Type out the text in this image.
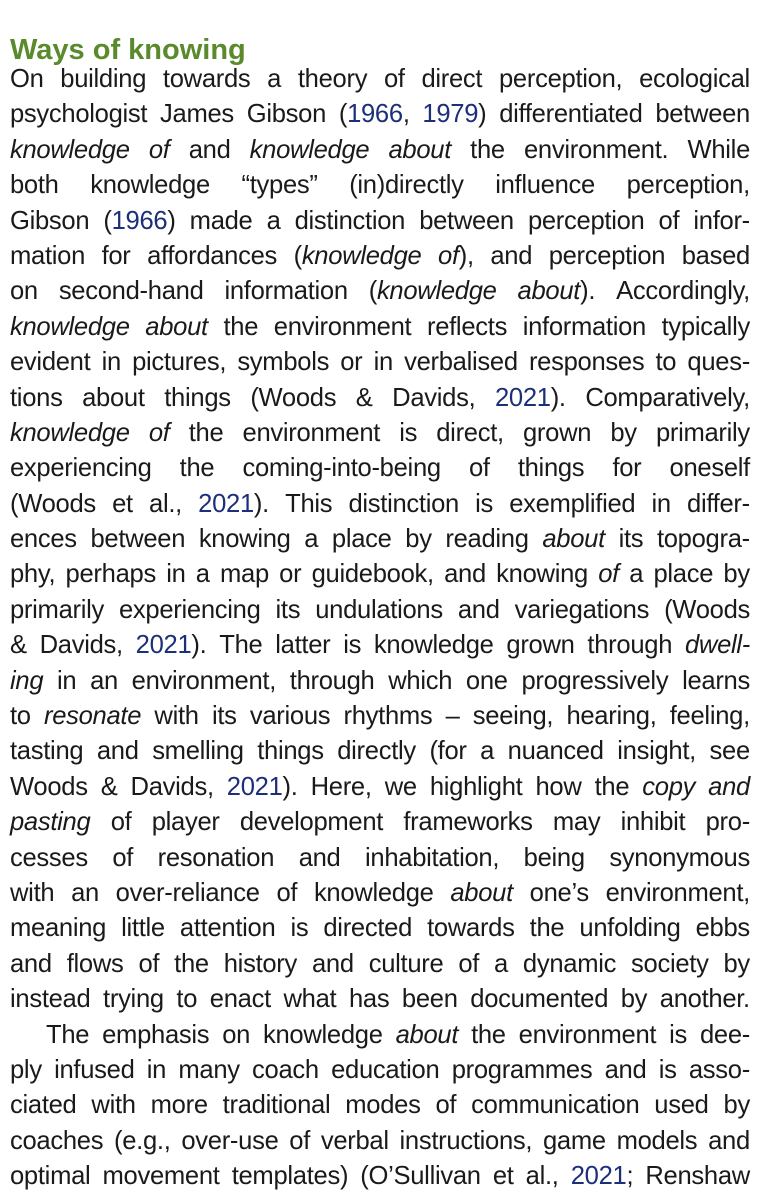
Ways of knowing
On building towards a theory of direct perception, ecological
psychologist James Gibson (1966, 1979) differentiated between
knowledge of and knowledge about the environment. While
both knowledge “types” (in)directly influence perception,
Gibson (1966) made a distinction between perception of infor-
mation for affordances (knowledge of), and perception based
on second-hand information (knowledge about). Accordingly,
knowledge about the environment reflects information typically
evident in pictures, symbols or in verbalised responses to ques-
tions about things (Woods & Davids, 2021). Comparatively,
knowledge of the environment is direct, grown by primarily
experiencing the coming-into-being of things for oneself
(Woods et al., 2021). This distinction is exemplified in differ-
ences between knowing a place by reading about its topogra-
phy, perhaps in a map or guidebook, and knowing of a place by
primarily experiencing its undulations and variegations (Woods
& Davids, 2021). The latter is knowledge grown through dwell-
ing in an environment, through which one progressively learns
to resonate with its various rhythms – seeing, hearing, feeling,
tasting and smelling things directly (for a nuanced insight, see
Woods & Davids, 2021). Here, we highlight how the copy and
pasting of player development frameworks may inhibit pro-
cesses of resonation and inhabitation, being synonymous
with an over-reliance of knowledge about one’s environment,
meaning little attention is directed towards the unfolding ebbs
and flows of the history and culture of a dynamic society by
instead trying to enact what has been documented by another.
The emphasis on knowledge about the environment is dee-
ply infused in many coach education programmes and is asso-
ciated with more traditional modes of communication used by
coaches (e.g., over-use of verbal instructions, game models and
optimal movement templates) (O’Sullivan et al., 2021; Renshaw
